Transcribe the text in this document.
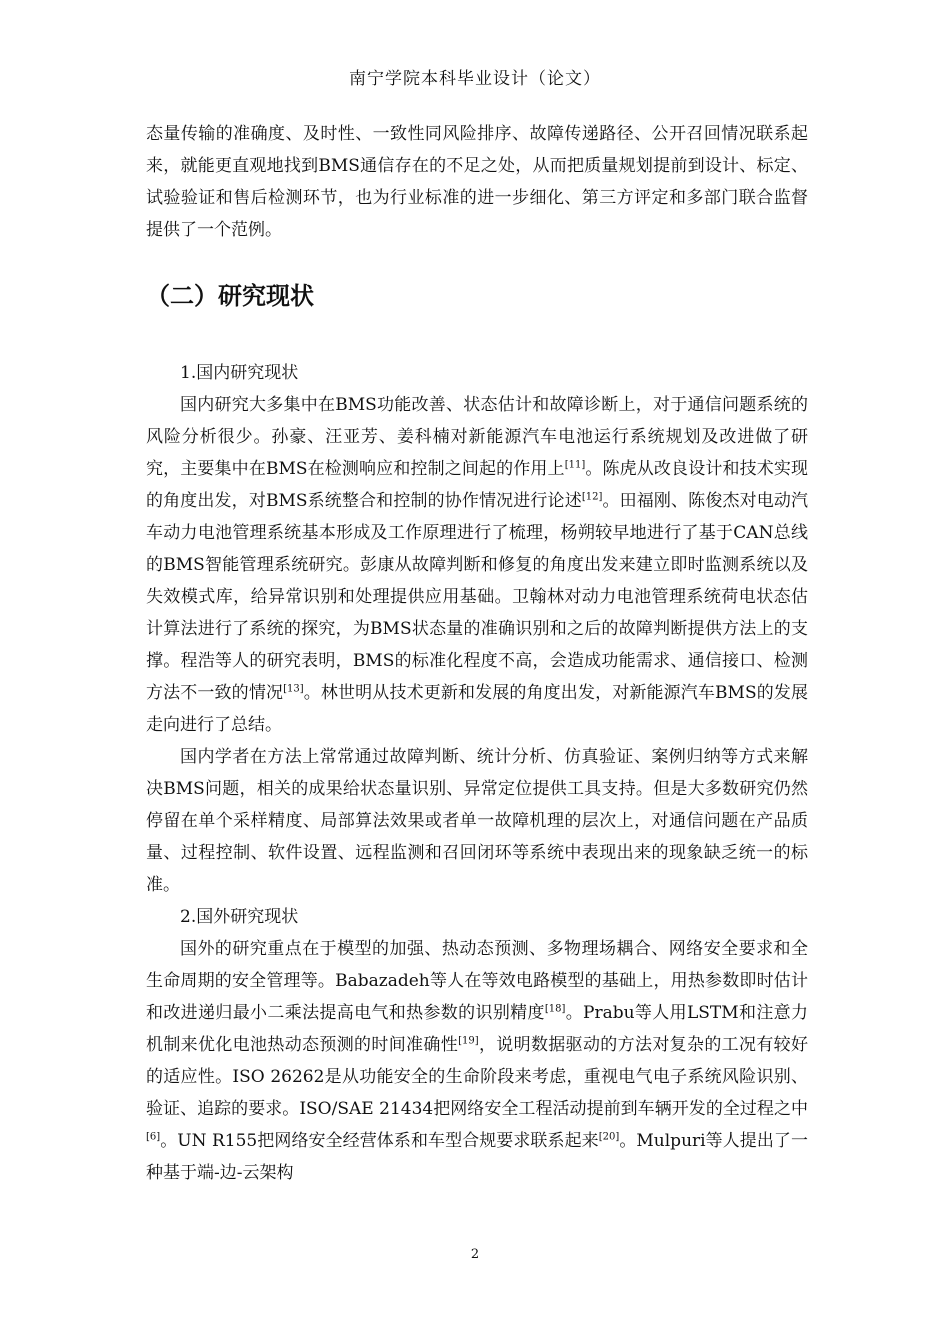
南宁学院本科毕业设计（论文）

态量传输的准确度、及时性、一致性同风险排序、故障传递路径、公开召回情况联系起来，就能更直观地找到BMS通信存在的不足之处，从而把质量规划提前到设计、标定、试验验证和售后检测环节，也为行业标准的进一步细化、第三方评定和多部门联合监督提供了一个范例。

（二）研究现状

1.国内研究现状

国内研究大多集中在BMS功能改善、状态估计和故障诊断上，对于通信问题系统的风险分析很少。孙豪、汪亚芳、姜科楠对新能源汽车电池运行系统规划及改进做了研究，主要集中在BMS在检测响应和控制之间起的作用上[11]。陈虎从改良设计和技术实现的角度出发，对BMS系统整合和控制的协作情况进行论述[12]。田福刚、陈俊杰对电动汽车动力电池管理系统基本形成及工作原理进行了梳理，杨朔较早地进行了基于CAN总线的BMS智能管理系统研究。彭康从故障判断和修复的角度出发来建立即时监测系统以及失效模式库，给异常识别和处理提供应用基础。卫翰林对动力电池管理系统荷电状态估计算法进行了系统的探究，为BMS状态量的准确识别和之后的故障判断提供方法上的支撑。程浩等人的研究表明，BMS的标准化程度不高，会造成功能需求、通信接口、检测方法不一致的情况[13]。林世明从技术更新和发展的角度出发，对新能源汽车BMS的发展走向进行了总结。

国内学者在方法上常常通过故障判断、统计分析、仿真验证、案例归纳等方式来解决BMS问题，相关的成果给状态量识别、异常定位提供工具支持。但是大多数研究仍然停留在单个采样精度、局部算法效果或者单一故障机理的层次上，对通信问题在产品质量、过程控制、软件设置、远程监测和召回闭环等系统中表现出来的现象缺乏统一的标准。

2.国外研究现状

国外的研究重点在于模型的加强、热动态预测、多物理场耦合、网络安全要求和全生命周期的安全管理等。Babazadeh等人在等效电路模型的基础上，用热参数即时估计和改进递归最小二乘法提高电气和热参数的识别精度[18]。Prabu等人用LSTM和注意力机制来优化电池热动态预测的时间准确性[19]，说明数据驱动的方法对复杂的工况有较好的适应性。ISO 26262是从功能安全的生命阶段来考虑，重视电气电子系统风险识别、验证、追踪的要求。ISO/SAE 21434把网络安全工程活动提前到车辆开发的全过程之中[6]。UN R155把网络安全经营体系和车型合规要求联系起来[20]。Mulpuri等人提出了一种基于端-边-云架构

2
